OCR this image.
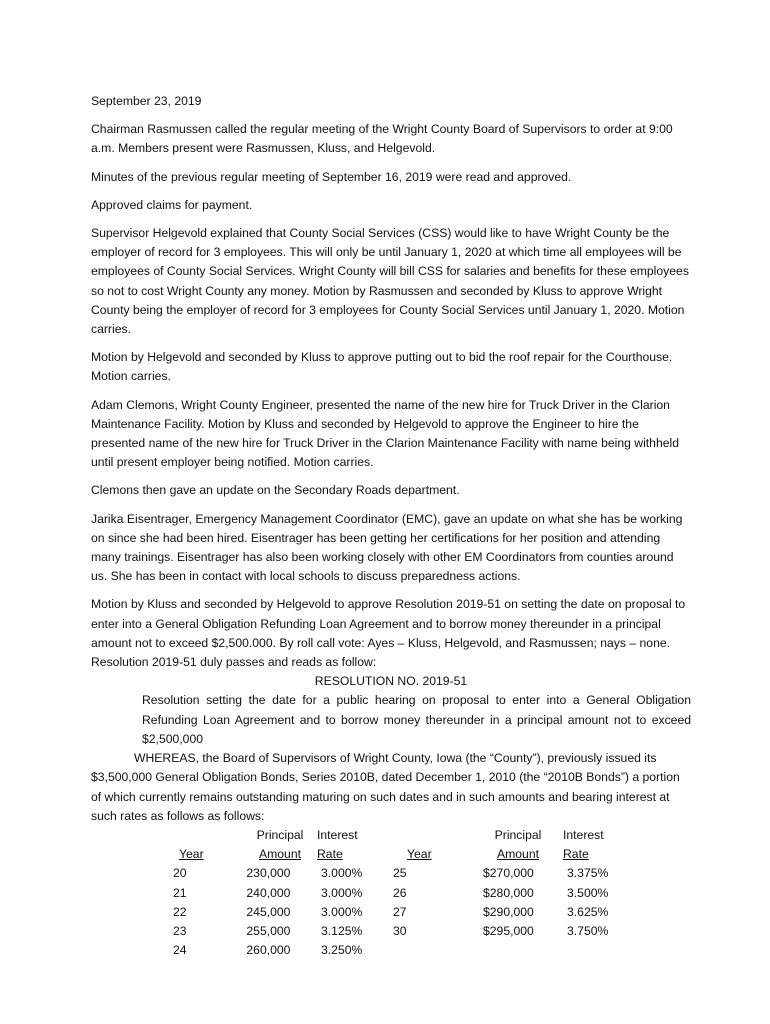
September 23, 2019

Chairman Rasmussen called the regular meeting of the Wright County Board of Supervisors to order at 9:00 a.m. Members present were Rasmussen, Kluss, and Helgevold.

Minutes of the previous regular meeting of September 16, 2019 were read and approved.

Approved claims for payment.

Supervisor Helgevold explained that County Social Services (CSS) would like to have Wright County be the employer of record for 3 employees. This will only be until January 1, 2020 at which time all employees will be employees of County Social Services. Wright County will bill CSS for salaries and benefits for these employees so not to cost Wright County any money. Motion by Rasmussen and seconded by Kluss to approve Wright County being the employer of record for 3 employees for County Social Services until January 1, 2020. Motion carries.

Motion by Helgevold and seconded by Kluss to approve putting out to bid the roof repair for the Courthouse. Motion carries.

Adam Clemons, Wright County Engineer, presented the name of the new hire for Truck Driver in the Clarion Maintenance Facility. Motion by Kluss and seconded by Helgevold to approve the Engineer to hire the presented name of the new hire for Truck Driver in the Clarion Maintenance Facility with name being withheld until present employer being notified. Motion carries.

Clemons then gave an update on the Secondary Roads department.

Jarika Eisentrager, Emergency Management Coordinator (EMC), gave an update on what she has be working on since she had been hired. Eisentrager has been getting her certifications for her position and attending many trainings. Eisentrager has also been working closely with other EM Coordinators from counties around us. She has been in contact with local schools to discuss preparedness actions.

Motion by Kluss and seconded by Helgevold to approve Resolution 2019-51 on setting the date on proposal to enter into a General Obligation Refunding Loan Agreement and to borrow money thereunder in a principal amount not to exceed $2,500.000. By roll call vote: Ayes – Kluss, Helgevold, and Rasmussen; nays – none. Resolution 2019-51 duly passes and reads as follow:

RESOLUTION NO. 2019-51

Resolution setting the date for a public hearing on proposal to enter into a General Obligation Refunding Loan Agreement and to borrow money thereunder in a principal amount not to exceed $2,500,000

WHEREAS, the Board of Supervisors of Wright County, Iowa (the “County”), previously issued its $3,500,000 General Obligation Bonds, Series 2010B, dated December 1, 2010 (the “2010B Bonds”) a portion of which currently remains outstanding maturing on such dates and in such amounts and bearing interest at such rates as follows as follows:

		Principal	Interest		Principal	Interest
	Year	Amount	Rate	Year	Amount	Rate
	20	230,000	3.000%	25	$270,000	3.375%
	21	240,000	3.000%	26	$280,000	3.500%
	22	245,000	3.000%	27	$290,000	3.625%
	23	255,000	3.125%	30	$295,000	3.750%
	24	260,000	3.250%			
